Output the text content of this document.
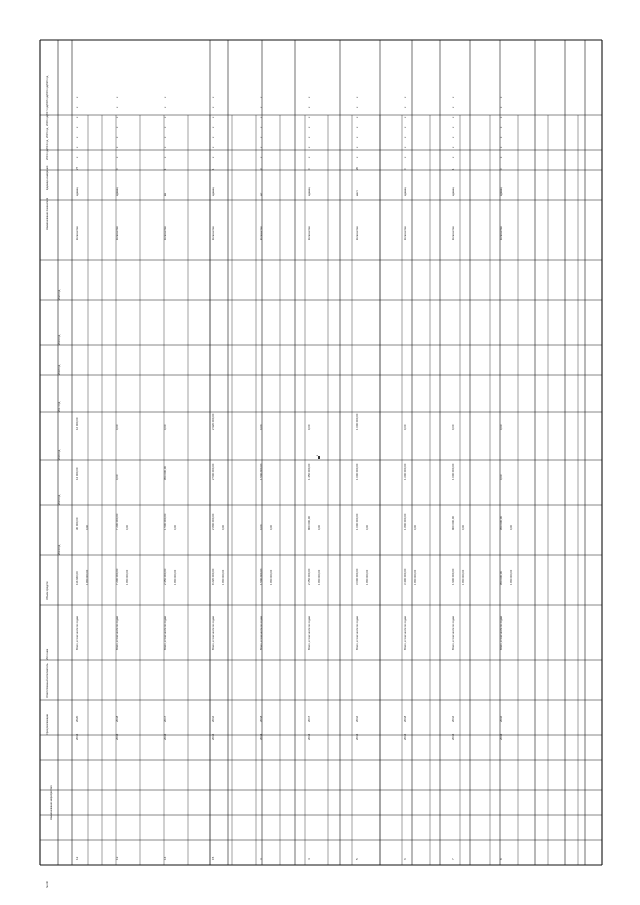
№ п/п
Наименование мероприятия
Срок реализации
Ответственный исполнитель
Источник
Объем средств
2014 год
2015 год
2016 год
2017 год
2018 год
2019 год
2020 год
Наименование показателя
Единица измерения
2013 год
2014 год
2015 год
2016 год
2017 год
2018 год
2019 год
2020 год
12
2014
2020
Всего, в том числе по годам
116 960,00
30 000,00
14 000,00
12 000,00
Количество
единиц
27
x
x
x
x
x
x
x
1 950 000,00
0,00
13
2014
2018
Всего, в том числе по годам
7 200 000,00
7 200 000,00
0,00
0,00
Количество
единиц
0
x
x
x
x
x
x
x
1 950 000,00
0,00
14
2014
2017
Всего, в том числе по годам
2 450 000,00
1 500 000,00
950 000,00
0,00
Количество
км
1
x
x
x
x
x
x
x
1 950 000,00
0,00
15
2014
2016
Всего, в том числе по годам
8 220 000,00
2 800 000,00
2 500 000,00
2 920 000,00
Количество
единиц
1
x
x
x
x
x
x
x
1 950 000,00
0,00
3
2014
2018
Всего, в том числе по годам
1 500 000,00
0,00
1 500 000,00
0,00
Количество
шт
3
x
x
x
x
x
x
x
1 950 000,00
0,00
4
2014
2017
Всего, в том числе по годам
2 250 000,00
800 000,00
1 450 000,00
0,00
Количество
единиц
0
x
x
x
x
x
x
x
1 950 000,00
0,00
5
2014
2016
Всего, в том числе по годам
3 000 000,00
1 000 000,00
1 000 000,00
1 000 000,00
Количество
мест
20
x
x
x
x
x
x
x
1 950 000,00
0,00
6
2014
2018
Всего, в том числе по годам
3 400 000,00
1 800 000,00
1 600 000,00
0,00
Количество
единиц
0
x
x
x
x
x
x
x
1 950 000,00
0,00
7
2014
2016
Всего, в том числе по годам
1 900 000,00
900 000,00
1 000 000,00
0,00
Количество
единиц
1
x
x
x
x
x
x
x
1 950 000,00
0,00
8
2014
2016
Всего, в том числе по годам
950 000,00
950 000,00
0,00
0,00
Количество
единиц
0
x
x
x
x
x
x
x
1 950 000,00
0,00
.
